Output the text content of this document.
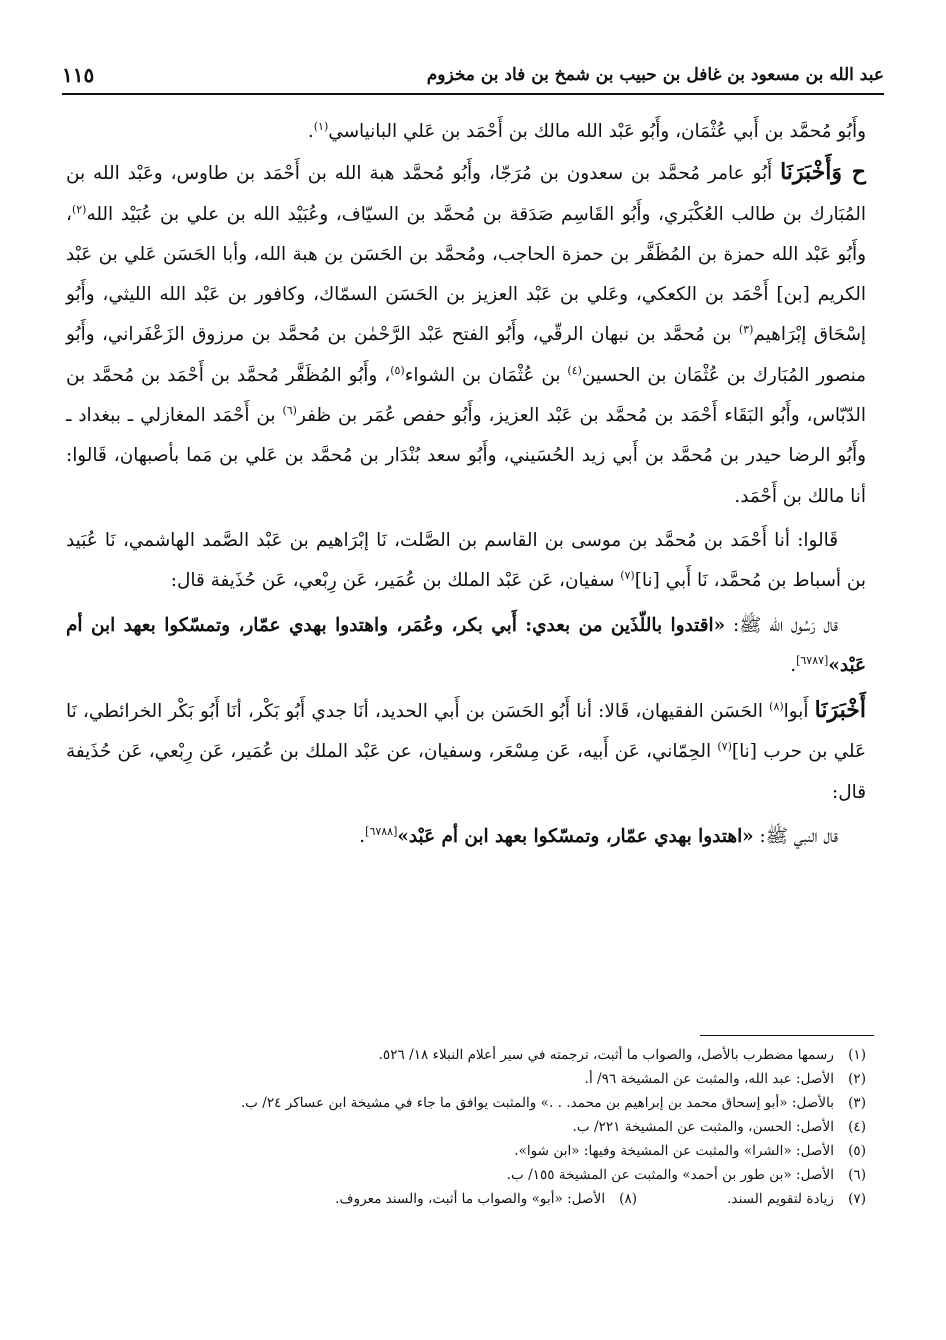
عبد الله بن مسعود بن غافل بن حبيب بن شمخ بن فاد بن مخزوم
١١٥

وأَبُو مُحمَّد بن أَبي عُثْمَان، وأَبُو عَبْد الله مالك بن أَحْمَد بن عَلي البانياسي$^{(١)}$.

ح وَأَخْبَرَنَا أَبُو عامر مُحمَّد بن سعدون بن مُرَجّا، وأَبُو مُحمَّد هبة الله بن أَحْمَد بن طاوس، وعَبْد الله بن المُبَارك بن طالب العُكْبَري، وأَبُو القَاسِم صَدَقة بن مُحمَّد بن السيّاف، وعُبَيْد الله بن علي بن عُبَيْد الله$^{(٢)}$، وأَبُو عَبْد الله حمزة بن المُظَفَّر بن حمزة الحاجب، ومُحمَّد بن الحَسَن بن هبة الله، وأبا الحَسَن عَلي بن عَبْد الكريم [بن] أَحْمَد بن الكعكي، وعَلي بن عَبْد العزيز بن الحَسَن السمّاك، وكافور بن عَبْد الله الليثي، وأَبُو إسْحَاق إبْرَاهيم$^{(٣)}$ بن مُحمَّد بن نبهان الرقّي، وأَبُو الفتح عَبْد الرَّحْمٰن بن مُحمَّد بن مرزوق الزَعْفَراني، وأَبُو منصور المُبَارك بن عُثْمَان بن الحسين$^{(٤)}$ بن عُثْمَان بن الشواء$^{(٥)}$، وأَبُو المُظَفَّر مُحمَّد بن أَحْمَد بن مُحمَّد بن الدّبّاس، وأَبُو البَقَاء أَحْمَد بن مُحمَّد بن عَبْد العزيز، وأَبُو حفص عُمَر بن ظفر$^{(٦)}$ بن أَحْمَد المغازلي ـ ببغداد ـ وأَبُو الرضا حيدر بن مُحمَّد بن أَبي زيد الحُسَيني، وأَبُو سعد بُنْدَار بن مُحمَّد بن عَلي بن مَما بأصبهان، قَالوا: أنا مالك بن أَحْمَد.

قَالوا: أنا أَحْمَد بن مُحمَّد بن موسى بن القاسم بن الصَّلت، نَا إبْرَاهيم بن عَبْد الصَّمد الهاشمي، نَا عُبَيد بن أسباط بن مُحمَّد، نَا أَبي [نا]$^{(٧)}$ سفيان، عَن عَبْد الملك بن عُمَير، عَن رِبْعي، عَن حُذَيفة قال:

قال رَسُول الله ﷺ: «اقتدوا باللّذَين من بعدي: أَبي بكر، وعُمَر، واهتدوا بهدي عمّار، وتمسّكوا بعهد ابن أم عَبْد»[٦٧٨٧].

أَخْبَرَنَا أَبوا$^{(٨)}$ الحَسَن الفقيهان، قَالا: أنا أَبُو الحَسَن بن أَبي الحديد، أنَا جدي أَبُو بَكْر، أنَا أَبُو بَكْر الخرائطي، نَا عَلي بن حرب [نا]$^{(٧)}$ الحِمّاني، عَن أَبيه، عَن مِسْعَر، وسفيان، عن عَبْد الملك بن عُمَير، عَن رِبْعي، عَن حُذَيفة قال:

قال النبي ﷺ: «اهتدوا بهدي عمّار، وتمسّكوا بعهد ابن أم عَبْد»[٦٧٨٨].

(١)رسمها مضطرب بالأصل، والصواب ما أثبت، ترجمته في سير أعلام النبلاء ١٨/ ٥٢٦.
(٢)الأصل: عبد الله، والمثبت عن المشيخة ٩٦/ أ.
(٣)بالأصل: «أبو إسحاق محمد بن إبراهيم بن محمد. . .» والمثبت يوافق ما جاء في مشيخة ابن عساكر ٢٤/ ب.
(٤)الأصل: الحسن، والمثبت عن المشيخة ٢٢١/ ب.
(٥)الأصل: «الشرا» والمثبت عن المشيخة وفيها: «ابن شوا».
(٦)الأصل: «بن طور بن أحمد» والمثبت عن المشيخة ١٥٥/ ب.
(٧)زيادة لتقويم السند.(٨)الأصل: «أبو» والصواب ما أثبت، والسند معروف.
